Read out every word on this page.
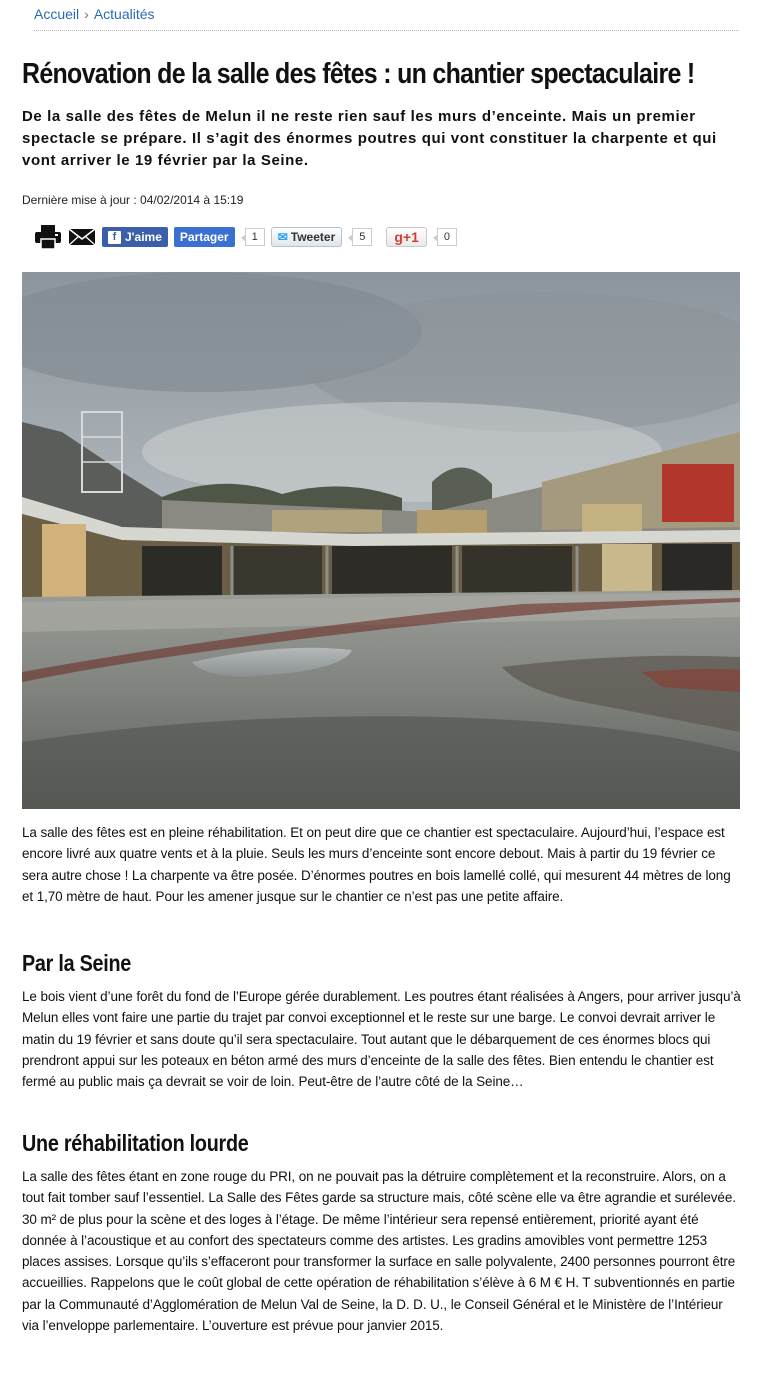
Accueil › Actualités
Rénovation de la salle des fêtes : un chantier spectaculaire !

De la salle des fêtes de Melun il ne reste rien sauf les murs d’enceinte. Mais un premier spectacle se prépare. Il s’agit des énormes poutres qui vont constituer la charpente et qui vont arriver le 19 février par la Seine.

Dernière mise à jour : 04/02/2014 à 15:19
f J'aime	Partager	1	✉ Tweeter	5	g+1	0

La salle des fêtes est en pleine réhabilitation. Et on peut dire que ce chantier est spectaculaire. Aujourd’hui, l’espace est encore livré aux quatre vents et à la pluie. Seuls les murs d’enceinte sont encore debout. Mais à partir du 19 février ce sera autre chose ! La charpente va être posée. D’énormes poutres en bois lamellé collé, qui mesurent 44 mètres de long et 1,70 mètre de haut. Pour les amener jusque sur le chantier ce n’est pas une petite affaire.

Par la Seine

Le bois vient d’une forêt du fond de l’Europe gérée durablement. Les poutres étant réalisées à Angers, pour arriver jusqu’à Melun elles vont faire une partie du trajet par convoi exceptionnel et le reste sur une barge. Le convoi devrait arriver le matin du 19 février et sans doute qu’il sera spectaculaire. Tout autant que le débarquement de ces énormes blocs qui prendront appui sur les poteaux en béton armé des murs d’enceinte de la salle des fêtes. Bien entendu le chantier est fermé au public mais ça devrait se voir de loin. Peut-être de l’autre côté de la Seine…

Une réhabilitation lourde

La salle des fêtes étant en zone rouge du PRI, on ne pouvait pas la détruire complètement et la reconstruire. Alors, on a tout fait tomber sauf l’essentiel. La Salle des Fêtes garde sa structure mais, côté scène elle va être agrandie et surélevée. 30 m² de plus pour la scène et des loges à l’étage. De même l’intérieur sera repensé entièrement, priorité ayant été donnée à l’acoustique et au confort des spectateurs comme des artistes. Les gradins amovibles vont permettre 1253 places assises. Lorsque qu’ils s’effaceront pour transformer la surface en salle polyvalente, 2400 personnes pourront être accueillies. Rappelons que le coût global de cette opération de réhabilitation s’élève à 6 M € H. T subventionnés en partie par la Communauté d’Agglomération de Melun Val de Seine, la D. D. U., le Conseil Général et le Ministère de l’Intérieur via l’enveloppe parlementaire. L’ouverture est prévue pour janvier 2015.
